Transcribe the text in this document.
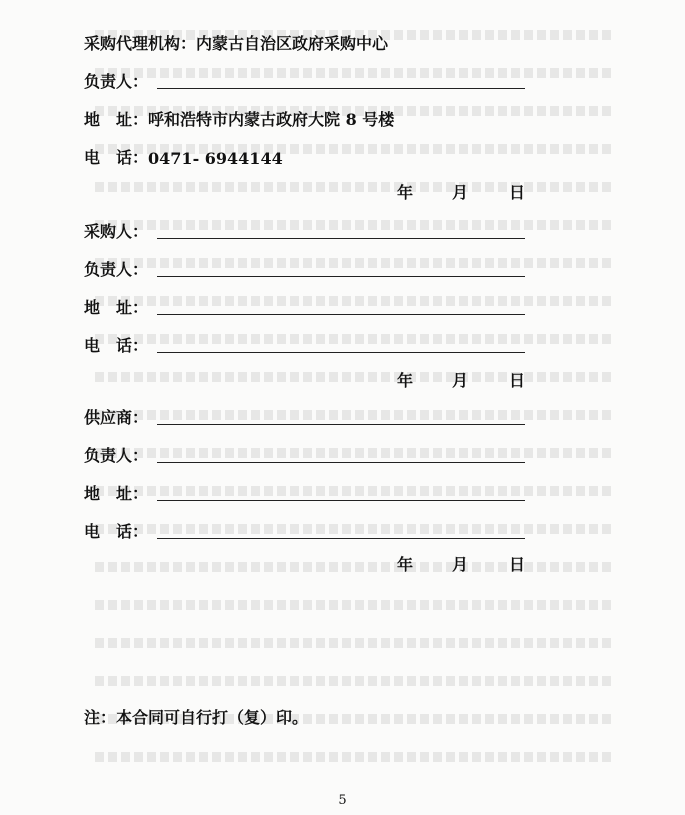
采购代理机构： 内蒙古自治区政府采购中心
负责人：
地 址： 呼和浩特市内蒙古政府大院 8 号楼
电 话： 0471- 6944144
年 月	日
采购人：
负责人：
地 址：
电 话：
年 月	日
供应商：
负责人：
地 址：
电 话：
年 月	日
注：本合同可自行打（复）印。
5
